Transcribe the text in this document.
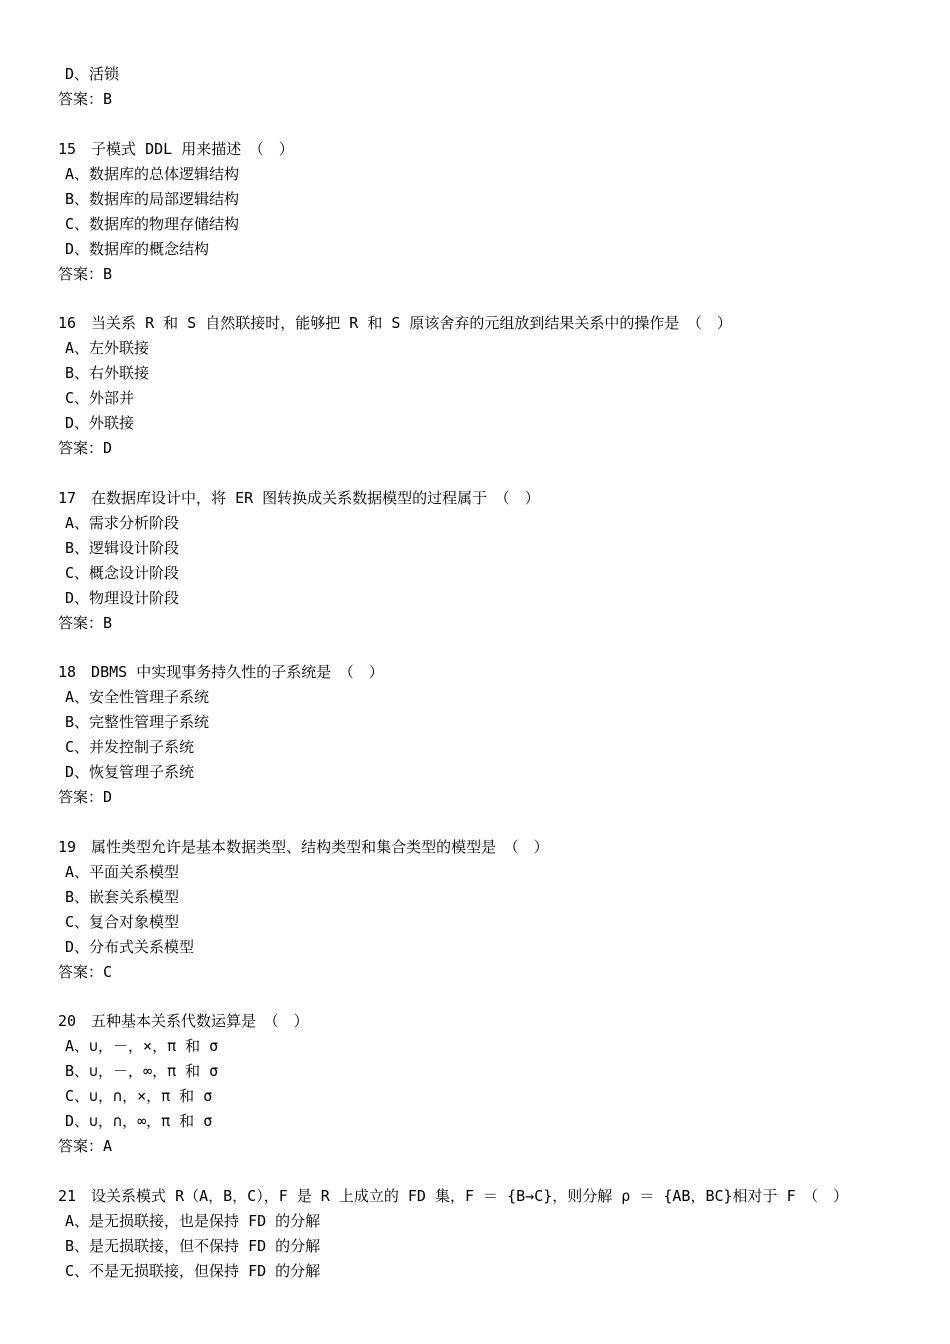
D、活锁
答案：B
15　子模式 DDL 用来描述　（　）
A、数据库的总体逻辑结构
B、数据库的局部逻辑结构
C、数据库的物理存储结构
D、数据库的概念结构
答案：B
16　当关系 R 和 S 自然联接时，能够把 R 和 S 原该舍弃的元组放到结果关系中的操作是　（　）
A、左外联接
B、右外联接
C、外部并
D、外联接
答案：D
17　在数据库设计中，将 ER 图转换成关系数据模型的过程属于　（　）
A、需求分析阶段
B、逻辑设计阶段
C、概念设计阶段
D、物理设计阶段
答案：B
18　DBMS 中实现事务持久性的子系统是　（　）
A、安全性管理子系统
B、完整性管理子系统
C、并发控制子系统
D、恢复管理子系统
答案：D
19　属性类型允许是基本数据类型、结构类型和集合类型的模型是　（　）
A、平面关系模型
B、嵌套关系模型
C、复合对象模型
D、分布式关系模型
答案：C
20　五种基本关系代数运算是　（　）
A、∪，－，×，π 和 σ
B、∪，－，∞，π 和 σ
C、∪，∩，×，π 和 σ
D、∪，∩，∞，π 和 σ
答案：A
21　设关系模式 R（A，B，C），F 是 R 上成立的 FD 集，F ＝ {B→C}，则分解 ρ ＝ {AB，BC}相对于 F　（　）
A、是无损联接，也是保持 FD 的分解
B、是无损联接，但不保持 FD 的分解
C、不是无损联接，但保持 FD 的分解
